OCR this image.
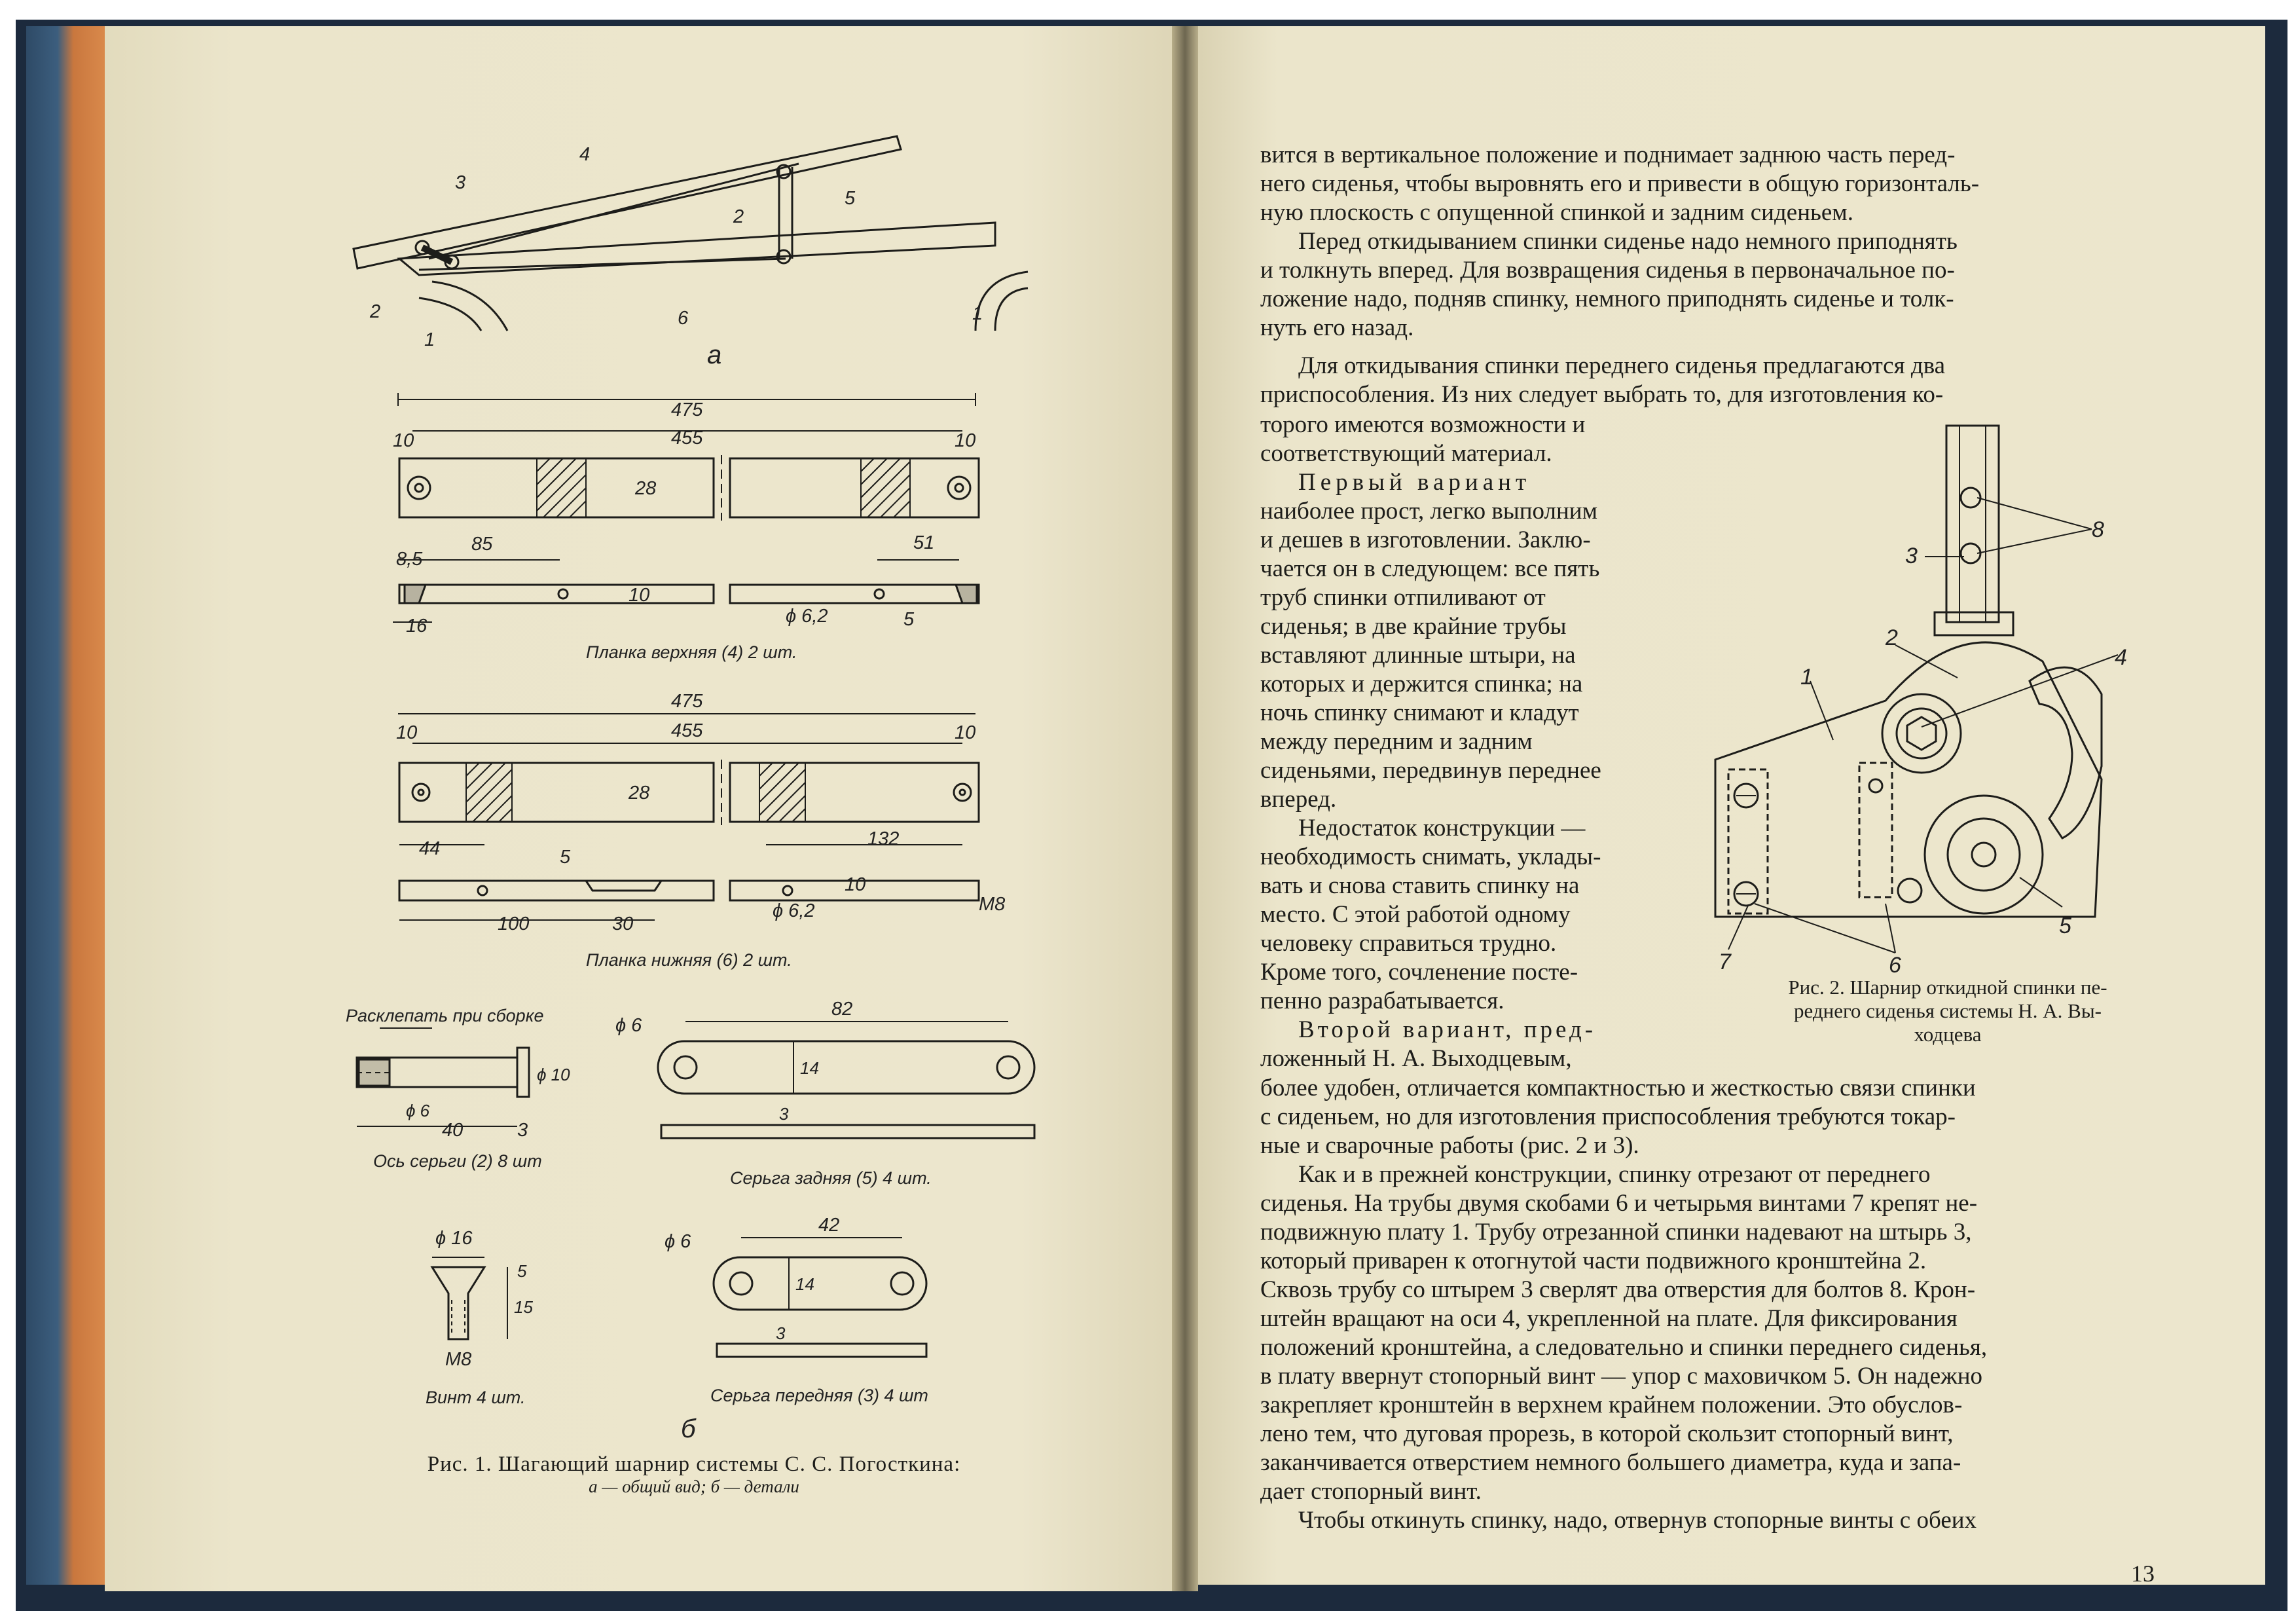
4
3
5
2
2	6
1
1
а
475
455
10	10
28
85	51
8,5
10
ϕ 6,2
16	5
Планка верхняя (4) 2 шт.
475
455
10	10
28
44	132
5
10
M8
ϕ 6,2
100	30
Планка нижняя (6) 2 шт.
Расклепать при сборке
ϕ 6
ϕ 10
40	3
Ось серьги (2) 8 шт
ϕ 6
82
14
3
Серьга задняя (5) 4 шт.
ϕ 16
5
15
M8
Винт 4 шт.
ϕ 6
42
14
3
Серьга передняя (3) 4 шт
б
8
3
2
4
1
5
7	6
Рис. 1. Шагающий шарнир системы С. С. Погосткина:
а — общий вид; б — детали
вится в вертикальное положение и поднимает заднюю часть перед-
него сиденья, чтобы выровнять его и привести в общую горизонталь-
ную плоскость с опущенной спинкой и задним сиденьем.
Перед откидыванием спинки сиденье надо немного приподнять
и толкнуть вперед. Для возвращения сиденья в первоначальное по-
ложение надо, подняв спинку, немного приподнять сиденье и толк-
нуть его назад.
Для откидывания спинки переднего сиденья предлагаются два
приспособления. Из них следует выбрать то, для изготовления ко-
торого имеются возможности и
соответствующий материал.
Первый вариант
наиболее прост, легко выполним
и дешев в изготовлении. Заклю-
чается он в следующем: все пять
труб спинки отпиливают от
сиденья; в две крайние трубы
вставляют длинные штыри, на
которых и держится спинка; на
ночь спинку снимают и кладут
между передним и задним
сиденьями, передвинув переднее
вперед.
Недостаток конструкции —
необходимость снимать, уклады-
вать и снова ставить спинку на
место. С этой работой одному
человеку справиться трудно.
Кроме того, сочленение посте-
пенно разрабатывается.
Второй вариант, пред-
ложенный Н. А. Выходцевым,
более удобен, отличается компактностью и жесткостью связи спинки
с сиденьем, но для изготовления приспособления требуются токар-
ные и сварочные работы (рис. 2 и 3).
Как и в прежней конструкции, спинку отрезают от переднего
сиденья. На трубы двумя скобами 6 и четырьмя винтами 7 крепят не-
подвижную плату 1. Трубу отрезанной спинки надевают на штырь 3,
который приварен к отогнутой части подвижного кронштейна 2.
Сквозь трубу со штырем 3 сверлят два отверстия для болтов 8. Крон-
штейн вращают на оси 4, укрепленной на плате. Для фиксирования
положений кронштейна, а следовательно и спинки переднего сиденья,
в плату ввернут стопорный винт — упор с маховичком 5. Он надежно
закрепляет кронштейн в верхнем крайнем положении. Это обуслов-
лено тем, что дуговая прорезь, в которой скользит стопорный винт,
заканчивается отверстием немного большего диаметра, куда и запа-
дает стопорный винт.
Чтобы откинуть спинку, надо, отвернув стопорные винты с обеих
Рис. 2. Шарнир откидной спинки пе-
реднего сиденья системы Н. А. Вы-
ходцева
13
